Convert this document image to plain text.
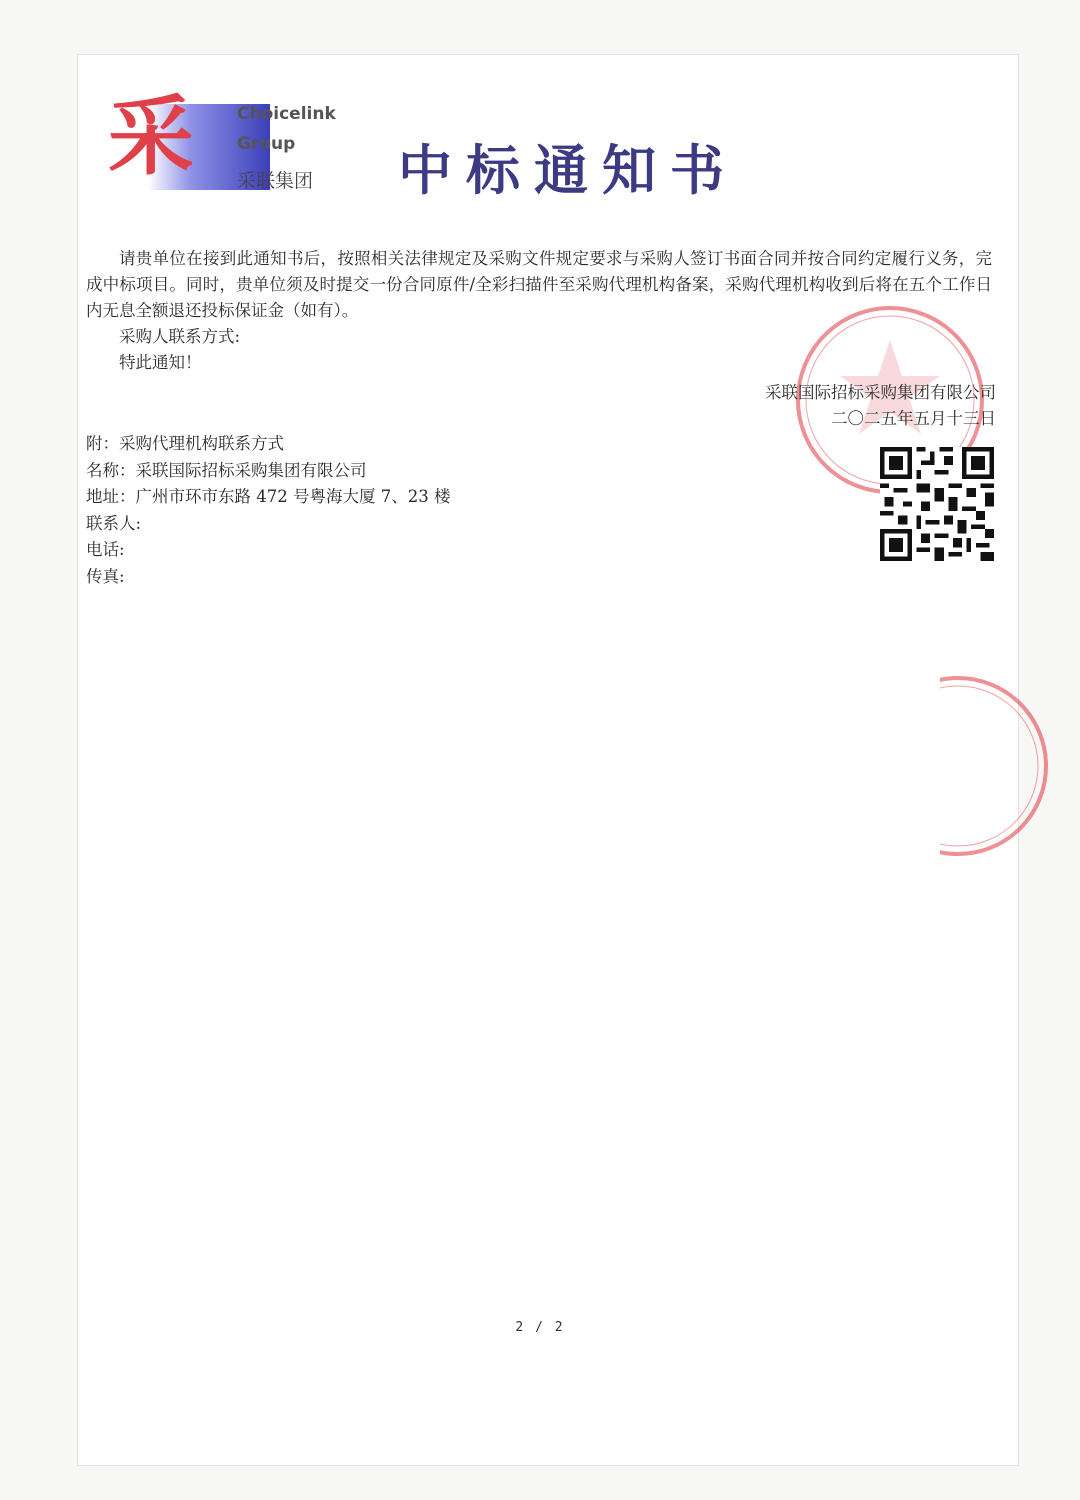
采	Choicelink
Group
采联集团 中标通知书

请贵单位在接到此通知书后，按照相关法律规定及采购文件规定要求与采购人签订书面合同并按合同约定履行义务，完成中标项目。同时，贵单位须及时提交一份合同原件/全彩扫描件至采购代理机构备案，采购代理机构收到后将在五个工作日内无息全额退还投标保证金（如有）。

采购人联系方式:

特此通知！

采联国际招标采购集团有限公司
二〇二五年五月十三日

附：采购代理机构联系方式

名称：采联国际招标采购集团有限公司

地址：广州市环市东路 472 号粤海大厦 7、23 楼

联系人:

电话:

传真:

2 / 2
